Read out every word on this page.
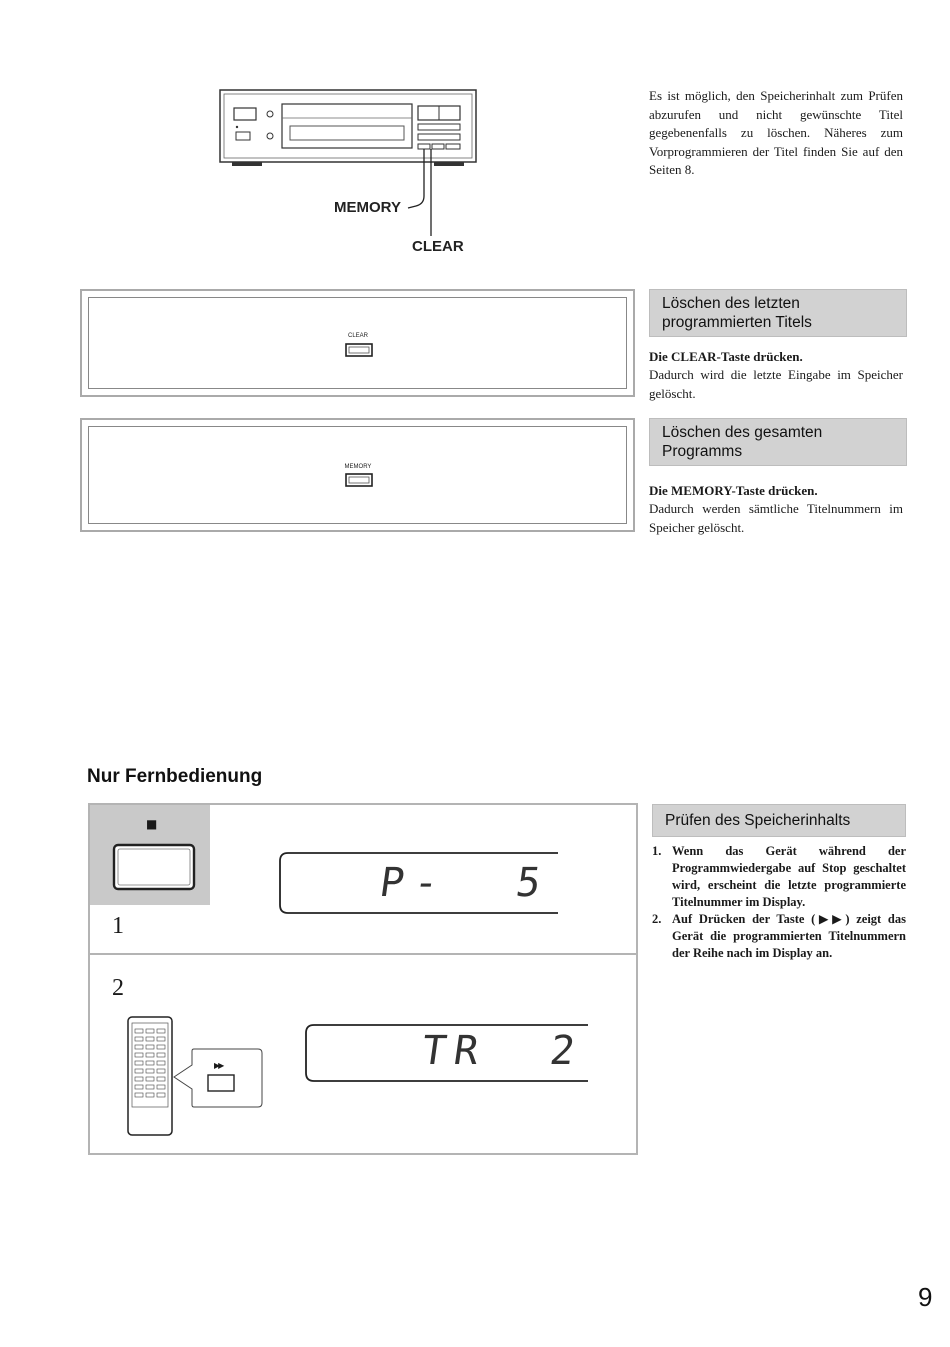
MEMORY
CLEAR
Es ist möglich, den Speicherinhalt zum Prüfen abzurufen und nicht gewünschte Titel gegebenenfalls zu löschen. Näheres zum Vorprogrammieren der Titel finden Sie auf den Seiten 8.
CLEAR
Löschen des letzten programmierten Titels
Die CLEAR-Taste drücken.
Dadurch wird die letzte Eingabe im Speicher gelöscht.
MEMORY
Löschen des gesamten Programms
Die MEMORY-Taste drücken.
Dadurch werden sämtliche Titelnummern im Speicher gelöscht.
Nur Fernbedienung
■
1
P-  5
2
▶▶	TR  2
Prüfen des Speicherinhalts
1. Wenn das Gerät während der Programmwiedergabe auf Stop geschaltet wird, erscheint die letzte programmierte Titelnummer im Display.
2. Auf Drücken der Taste (▶▶) zeigt das Gerät die programmierten Titelnummern der Reihe nach im Display an.
9
